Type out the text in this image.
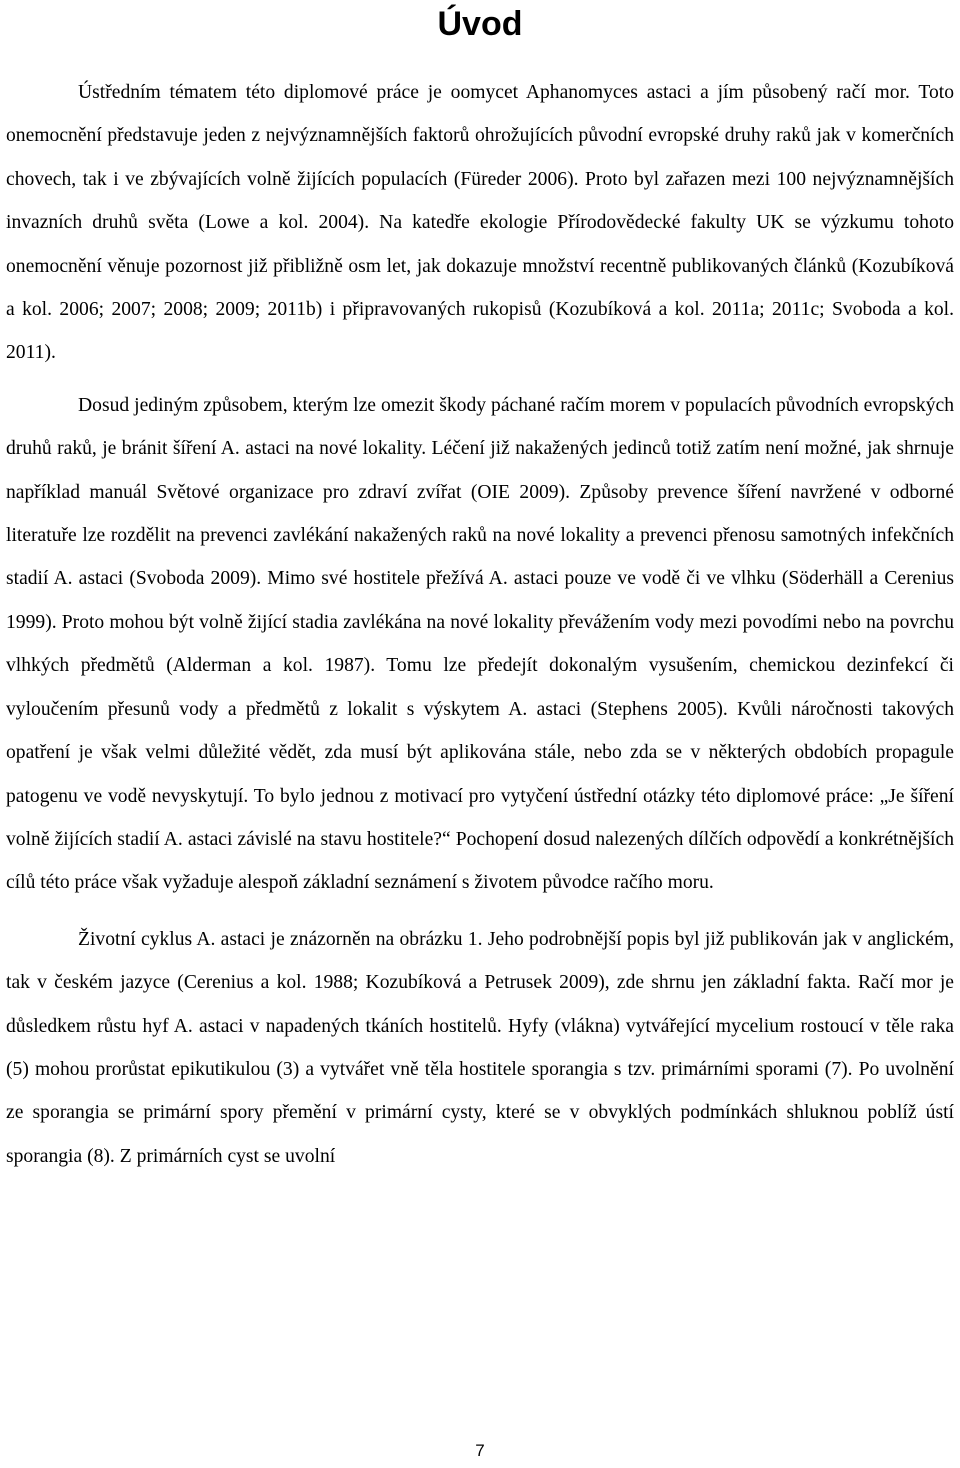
Úvod

Ústředním tématem této diplomové práce je oomycet Aphanomyces astaci a jím působený račí mor. Toto onemocnění představuje jeden z nejvýznamnějších faktorů ohrožujících původní evropské druhy raků jak v komerčních chovech, tak i ve zbývajících volně žijících populacích (Füreder 2006). Proto byl zařazen mezi 100 nejvýznamnějších invazních druhů světa (Lowe a kol. 2004). Na katedře ekologie Přírodovědecké fakulty UK se výzkumu tohoto onemocnění věnuje pozornost již přibližně osm let, jak dokazuje množství recentně publikovaných článků (Kozubíková a kol. 2006; 2007; 2008; 2009; 2011b) i připravovaných rukopisů (Kozubíková a kol. 2011a; 2011c; Svoboda a kol. 2011).

Dosud jediným způsobem, kterým lze omezit škody páchané račím morem v populacích původních evropských druhů raků, je bránit šíření A. astaci na nové lokality. Léčení již nakažených jedinců totiž zatím není možné, jak shrnuje například manuál Světové organizace pro zdraví zvířat (OIE 2009). Způsoby prevence šíření navržené v odborné literatuře lze rozdělit na prevenci zavlékání nakažených raků na nové lokality a prevenci přenosu samotných infekčních stadií A. astaci (Svoboda 2009). Mimo své hostitele přežívá A. astaci pouze ve vodě či ve vlhku (Söderhäll a Cerenius 1999). Proto mohou být volně žijící stadia zavlékána na nové lokality převážením vody mezi povodími nebo na povrchu vlhkých předmětů (Alderman a kol. 1987). Tomu lze předejít dokonalým vysušením, chemickou dezinfekcí či vyloučením přesunů vody a předmětů z lokalit s výskytem A. astaci (Stephens 2005). Kvůli náročnosti takových opatření je však velmi důležité vědět, zda musí být aplikována stále, nebo zda se v některých obdobích propagule patogenu ve vodě nevyskytují. To bylo jednou z motivací pro vytyčení ústřední otázky této diplomové práce: „Je šíření volně žijících stadií A. astaci závislé na stavu hostitele?“ Pochopení dosud nalezených dílčích odpovědí a konkrétnějších cílů této práce však vyžaduje alespoň základní seznámení s životem původce račího moru.

Životní cyklus A. astaci je znázorněn na obrázku 1. Jeho podrobnější popis byl již publikován jak v anglickém, tak v českém jazyce (Cerenius a kol. 1988; Kozubíková a Petrusek 2009), zde shrnu jen základní fakta. Račí mor je důsledkem růstu hyf A. astaci v napadených tkáních hostitelů. Hyfy (vlákna) vytvářející mycelium rostoucí v těle raka (5) mohou prorůstat epikutikulou (3) a vytvářet vně těla hostitele sporangia s tzv. primárními sporami (7). Po uvolnění ze sporangia se primární spory přemění v primární cysty, které se v obvyklých podmínkách shluknou poblíž ústí sporangia (8). Z primárních cyst se uvolní

7
